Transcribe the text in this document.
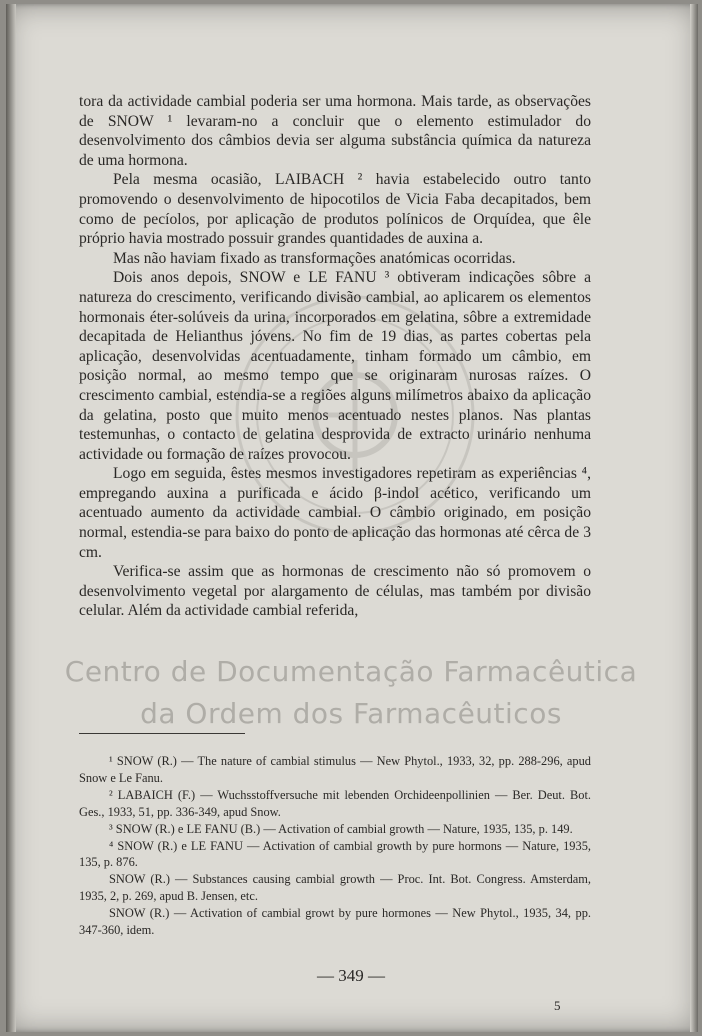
tora da actividade cambial poderia ser uma hormona. Mais tarde, as observações de SNOW ¹ levaram-no a concluir que o elemento estimulador do desenvolvimento dos câmbios devia ser alguma substância química da natureza de uma hormona.

Pela mesma ocasião, LAIBACH ² havia estabelecido outro tanto promovendo o desenvolvimento de hipocotilos de Vicia Faba decapitados, bem como de pecíolos, por aplicação de produtos polínicos de Orquídea, que êle próprio havia mostrado possuir grandes quantidades de auxina a.

Mas não haviam fixado as transformações anatómicas ocorridas.

Dois anos depois, SNOW e LE FANU ³ obtiveram indicações sôbre a natureza do crescimento, verificando divisão cambial, ao aplicarem os elementos hormonais éter-solúveis da urina, incorporados em gelatina, sôbre a extremidade decapitada de Helianthus jóvens. No fim de 19 dias, as partes cobertas pela aplicação, desenvolvidas acentuadamente, tinham formado um câmbio, em posição normal, ao mesmo tempo que se originaram nurosas raízes. O crescimento cambial, estendia-se a regiões alguns milímetros abaixo da aplicação da gelatina, posto que muito menos acentuado nestes planos. Nas plantas testemunhas, o contacto de gelatina desprovida de extracto urinário nenhuma actividade ou formação de raízes provocou.

Logo em seguida, êstes mesmos investigadores repetiram as experiências ⁴, empregando auxina a purificada e ácido β-indol acético, verificando um acentuado aumento da actividade cambial. O câmbio originado, em posição normal, estendia-se para baixo do ponto de aplicação das hormonas até cêrca de 3 cm.

Verifica-se assim que as hormonas de crescimento não só promovem o desenvolvimento vegetal por alargamento de células, mas também por divisão celular. Além da actividade cambial referida,

Centro de Documentação Farmacêutica
da Ordem dos Farmacêuticos

¹ SNOW (R.) — The nature of cambial stimulus — New Phytol., 1933, 32, pp. 288-296, apud Snow e Le Fanu.

² LABAICH (F.) — Wuchsstoffversuche mit lebenden Orchideenpollinien — Ber. Deut. Bot. Ges., 1933, 51, pp. 336-349, apud Snow.

³ SNOW (R.) e LE FANU (B.) — Activation of cambial growth — Nature, 1935, 135, p. 149.

⁴ SNOW (R.) e LE FANU — Activation of cambial growth by pure hormons — Nature, 1935, 135, p. 876.

SNOW (R.) — Substances causing cambial growth — Proc. Int. Bot. Congress. Amsterdam, 1935, 2, p. 269, apud B. Jensen, etc.

SNOW (R.) — Activation of cambial growt by pure hormones — New Phytol., 1935, 34, pp. 347-360, idem.

— 349 —
5
